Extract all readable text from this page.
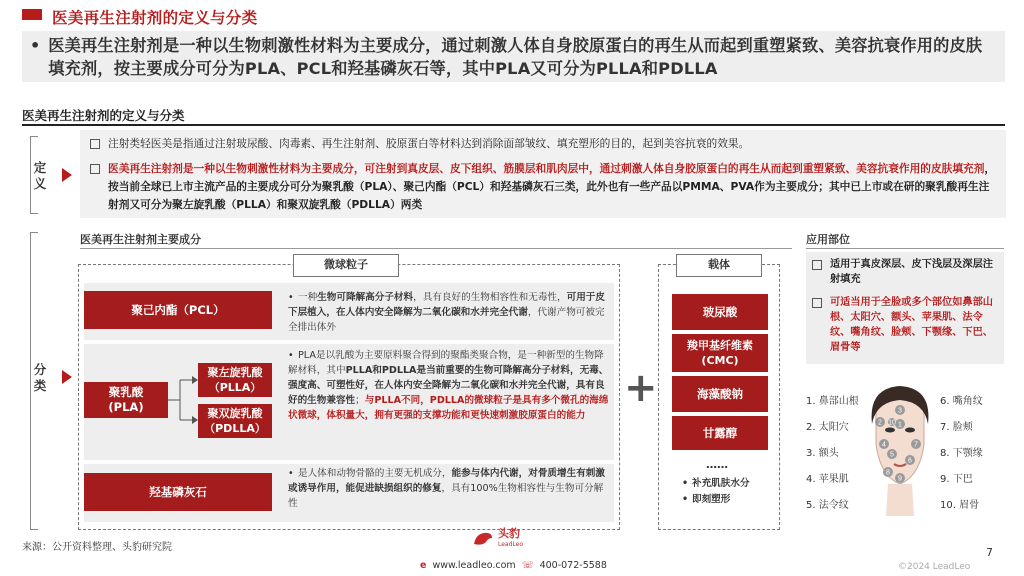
医美再生注射剂的定义与分类
• 医美再生注射剂是一种以生物刺激性材料为主要成分，通过刺激人体自身胶原蛋白的再生从而起到重塑紧致、美容抗衰作用的皮肤填充剂，按主要成分可分为PLA、PCL和羟基磷灰石等，其中PLA又可分为PLLA和PDLLA
医美再生注射剂的定义与分类
定义
注射类轻医美是指通过注射玻尿酸、肉毒素、再生注射剂、胶原蛋白等材料达到消除面部皱纹、填充塑形的目的，起到美容抗衰的效果。
医美再生注射剂是一种以生物刺激性材料为主要成分，可注射到真皮层、皮下组织、筋膜层和肌肉层中，通过刺激人体自身胶原蛋白的再生从而起到重塑紧致、美容抗衰作用的皮肤填充剂，按当前全球已上市主流产品的主要成分可分为聚乳酸（PLA）、聚己内酯（PCL）和羟基磷灰石三类，此外也有一些产品以PMMA、PVA作为主要成分；其中已上市或在研的聚乳酸再生注射剂又可分为聚左旋乳酸（PLLA）和聚双旋乳酸（PDLLA）两类
分类
医美再生注射剂主要成分
微球粒子
聚己内酯（PCL）
• 一种生物可降解高分子材料，具有良好的生物相容性和无毒性，可用于皮下层植入，在人体内安全降解为二氧化碳和水并完全代谢，代谢产物可被完全排出体外
聚乳酸
(PLA)
聚左旋乳酸
（PLLA）
聚双旋乳酸
（PDLLA）
• PLA是以乳酸为主要原料聚合得到的聚酯类聚合物，是一种新型的生物降解材料，其中PLLA和PDLLA是当前重要的生物可降解高分子材料，无毒、强度高、可塑性好，在人体内安全降解为二氧化碳和水并完全代谢，具有良好的生物兼容性；与PLLA不同，PDLLA的微球粒子是具有多个微孔的海绵状微球，体积量大，拥有更强的支撑功能和更快速刺激胶原蛋白的能力
羟基磷灰石
• 是人体和动物骨骼的主要无机成分，能参与体内代谢，对骨质增生有刺激或诱导作用，能促进缺损组织的修复，具有100%生物相容性与生物可分解性
+
载体
玻尿酸
羧甲基纤维素
(CMC)
海藻酸钠
甘露醇
……
• 补充肌肤水分
• 即刻塑形
应用部位
适用于真皮深层、皮下浅层及深层注射填充
可适当用于全脸或多个部位如鼻部山根、太阳穴、额头、苹果肌、法令纹、嘴角纹、脸颊、下颚缘、下巴、眉骨等
1. 鼻部山根
2. 太阳穴
3. 额头
4. 苹果肌
5. 法令纹
6. 嘴角纹
7. 脸颊
8. 下颚缘
9. 下巴
10. 眉骨
3
2 1
10
4	7
5
6
8
9
来源：公开资料整理、头豹研究院
头豹
LeadLeo
e www.leadleo.com ☏ 400-072-5588
7
©2024 LeadLeo
